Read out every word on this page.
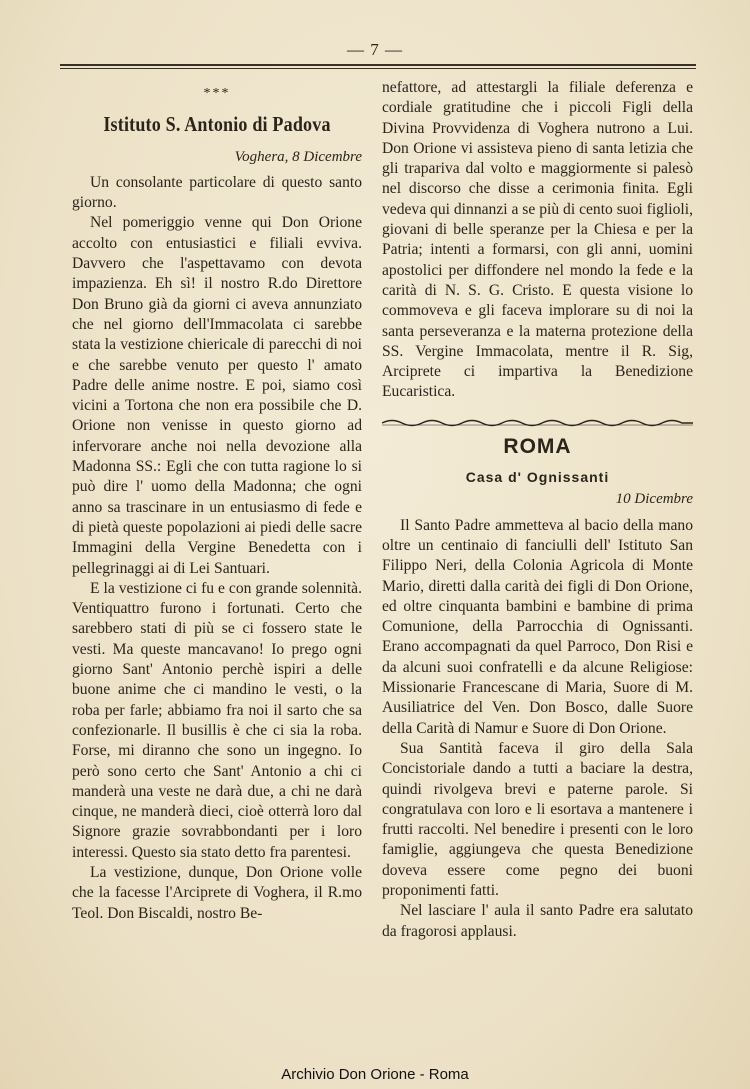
— 7 —
***
Istituto S. Antonio di Padova
Voghera, 8 Dicembre

Un consolante particolare di questo santo giorno.

Nel pomeriggio venne qui Don Orione accolto con entusiastici e filiali evviva. Davvero che l'aspettavamo con devota impazienza. Eh sì! il nostro R.do Direttore Don Bruno già da giorni ci aveva annunziato che nel giorno dell'Immacolata ci sarebbe stata la vestizione chiericale di parecchi di noi e che sarebbe venuto per questo l' amato Padre delle anime nostre. E poi, siamo così vicini a Tortona che non era possibile che D. Orione non venisse in questo giorno ad infervorare anche noi nella devozione alla Madonna SS.: Egli che con tutta ragione lo si può dire l' uomo della Madonna; che ogni anno sa trascinare in un entusiasmo di fede e di pietà queste popolazioni ai piedi delle sacre Immagini della Vergine Benedetta con i pellegrinaggi ai di Lei Santuari.

E la vestizione ci fu e con grande solennità. Ventiquattro furono i fortunati. Certo che sarebbero stati di più se ci fossero state le vesti. Ma queste mancavano! Io prego ogni giorno Sant' Antonio perchè ispiri a delle buone anime che ci mandino le vesti, o la roba per farle; abbiamo fra noi il sarto che sa confezionarle. Il busillis è che ci sia la roba. Forse, mi diranno che sono un ingegno. Io però sono certo che Sant' Antonio a chi ci manderà una veste ne darà due, a chi ne darà cinque, ne manderà dieci, cioè otterrà loro dal Signore grazie sovrabbondanti per i loro interessi. Questo sia stato detto fra parentesi.

La vestizione, dunque, Don Orione volle che la facesse l'Arciprete di Voghera, il R.mo Teol. Don Biscaldi, nostro Be-

nefattore, ad attestargli la filiale deferenza e cordiale gratitudine che i piccoli Figli della Divina Provvidenza di Voghera nutrono a Lui. Don Orione vi assisteva pieno di santa letizia che gli trapariva dal volto e maggiormente si palesò nel discorso che disse a cerimonia finita. Egli vedeva qui dinnanzi a se più di cento suoi figlioli, giovani di belle speranze per la Chiesa e per la Patria; intenti a formarsi, con gli anni, uomini apostolici per diffondere nel mondo la fede e la carità di N. S. G. Cristo. E questa visione lo commoveva e gli faceva implorare su di noi la santa perseveranza e la materna protezione della SS. Vergine Immacolata, mentre il R. Sig, Arciprete ci impartiva la Benedizione Eucaristica.

ROMA
Casa d' Ognissanti
10 Dicembre

Il Santo Padre ammetteva al bacio della mano oltre un centinaio di fanciulli dell' Istituto San Filippo Neri, della Colonia Agricola di Monte Mario, diretti dalla carità dei figli di Don Orione, ed oltre cinquanta bambini e bambine di prima Comunione, della Parrocchia di Ognissanti. Erano accompagnati da quel Parroco, Don Risi e da alcuni suoi confratelli e da alcune Religiose: Missionarie Francescane di Maria, Suore di M. Ausiliatrice del Ven. Don Bosco, dalle Suore della Carità di Namur e Suore di Don Orione.

Sua Santità faceva il giro della Sala Concistoriale dando a tutti a baciare la destra, quindi rivolgeva brevi e paterne parole. Si congratulava con loro e li esortava a mantenere i frutti raccolti. Nel benedire i presenti con le loro famiglie, aggiungeva che questa Benedizione doveva essere come pegno dei buoni proponimenti fatti.

Nel lasciare l' aula il santo Padre era salutato da fragorosi applausi.

Archivio Don Orione - Roma
